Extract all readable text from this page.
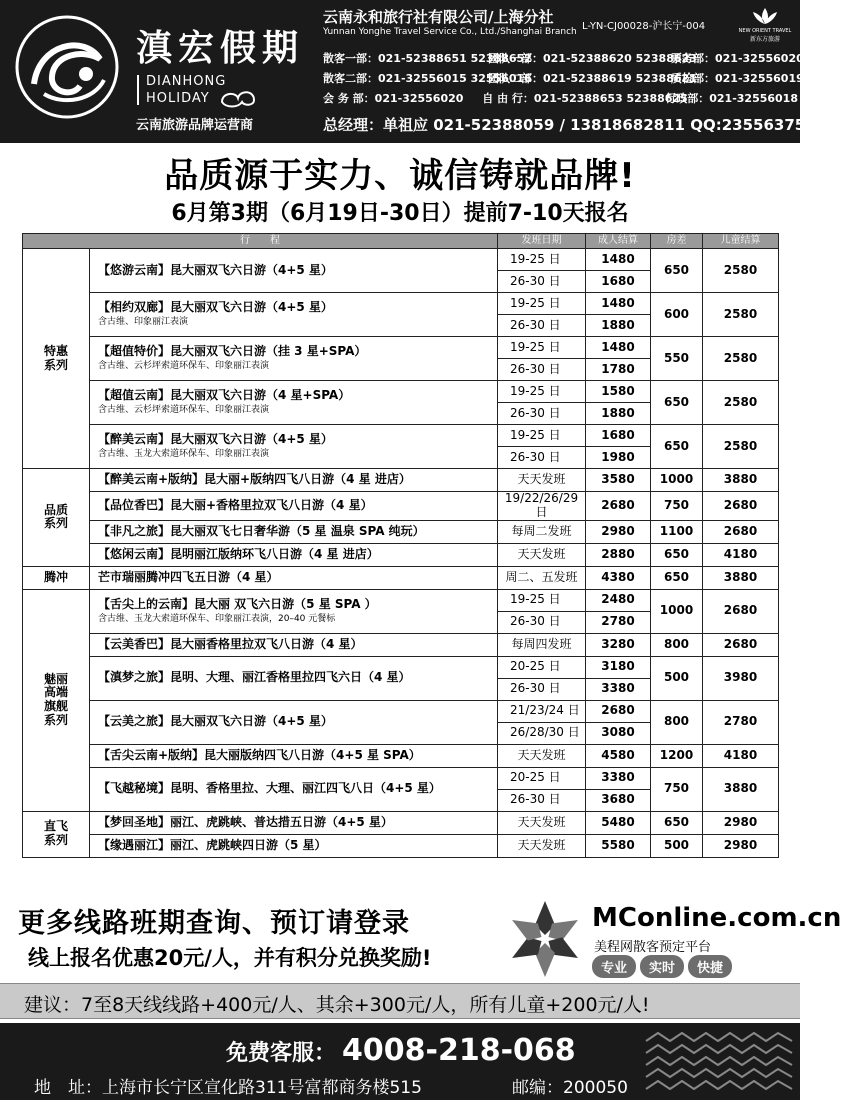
滇宏假期
DIANHONG
HOLIDAY
云南旅游品牌运营商
云南永和旅行社有限公司/上海分社
Yunnan Yonghe Travel Service Co., Ltd./Shanghai Branch L-YN-CJ00028-沪长宁-004	NEW ORIENT TRAVEL
新东方旅游
散客一部：021-52388651 52388652
团队一部：021-52388620 52388623
票务部：021-32556020
散客二部：021-32556015 32556016
团队二部：021-52388619 52388621
质检部：021-32556019
会 务 部：021-32556020	自 由 行：021-52388653 52388625
行政部：021-32556018
总经理：单祖应 021-52388059 / 13818682811 QQ:2355637520
品质源于实力、诚信铸就品牌!
6月第3期（6月19日-30日）提前7-10天报名
行　　程		发班日期	成人结算	房差	儿童结算
特惠
系列	【悠游云南】昆大丽双飞六日游（4+5 星）	19-25 日	1480	650	2580
		26-30 日	1680		
	【相约双廊】昆大丽双飞六日游（4+5 星）
含古维、印象丽江表演	19-25 日	1480	600	2580
		26-30 日	1880		
	【超值特价】昆大丽双飞六日游（挂 3 星+SPA）
含古维、云杉坪索道环保车、印象丽江表演	19-25 日	1480	550	2580
		26-30 日	1780		
	【超值云南】昆大丽双飞六日游（4 星+SPA）
含古维、云杉坪索道环保车、印象丽江表演	19-25 日	1580	650	2580
		26-30 日	1880		
	【醉美云南】昆大丽双飞六日游（4+5 星）
含古维、玉龙大索道环保车、印象丽江表演	19-25 日	1680	650	2580
		26-30 日	1980		
品质
系列	【醉美云南+版纳】昆大丽+版纳四飞八日游（4 星 进店）	天天发班	3580	1000	3880
	【品位香巴】昆大丽+香格里拉双飞八日游（4 星）	19/22/26/29 日	2680	750	2680
	【非凡之旅】昆大丽双飞七日奢华游（5 星 温泉 SPA 纯玩）	每周二发班	2980	1100	2680
	【悠闲云南】昆明丽江版纳环飞八日游（4 星 进店）	天天发班	2880	650	4180
腾冲	芒市瑞丽腾冲四飞五日游（4 星）	周二、五发班	4380	650	3880
魅丽
高端
旗舰
系列	【舌尖上的云南】昆大丽 双飞六日游（5 星 SPA ）
含古维、玉龙大索道环保车、印象丽江表演，20–40 元餐标	19-25 日	2480	1000	2680
		26-30 日	2780		
	【云美香巴】昆大丽香格里拉双飞八日游（4 星）	每周四发班	3280	800	2680
	【滇梦之旅】昆明、大理、丽江香格里拉四飞六日（4 星）	20-25 日	3180	500	3980
		26-30 日	3380		
	【云美之旅】昆大丽双飞六日游（4+5 星）	21/23/24 日	2680	800	2780
		26/28/30 日	3080		
	【舌尖云南+版纳】昆大丽版纳四飞八日游（4+5 星 SPA）	天天发班	4580	1200	4180
	【飞越秘境】昆明、香格里拉、大理、丽江四飞八日（4+5 星）	20-25 日	3380	750	3880
		26-30 日	3680		
直飞
系列	【梦回圣地】丽江、虎跳峡、普达措五日游（4+5 星）	天天发班	5480	650	2980
	【缘遇丽江】丽江、虎跳峡四日游（5 星）	天天发班	5580	500	2980
更多线路班期查询、预订请登录
线上报名优惠20元/人，并有积分兑换奖励!
MConline.com.cn
美程网散客预定平台
专业	实时	快捷
建议：7至8天线线路+400元/人、其余+300元/人，所有儿童+200元/人!
免费客服： 4008-218-068
地　址：上海市长宁区宣化路311号富都商务楼515	邮编：200050
